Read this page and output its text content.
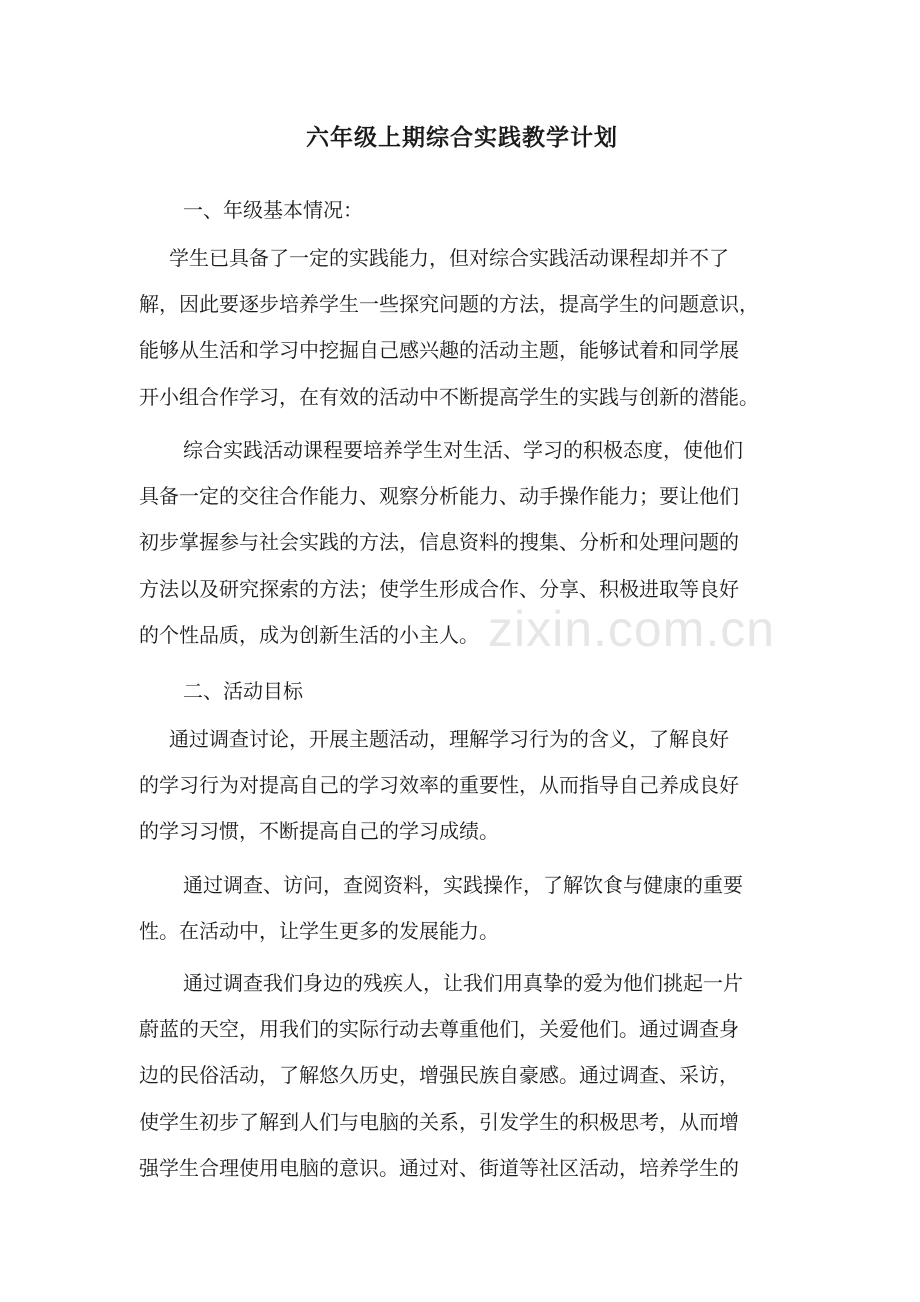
六年级上期综合实践教学计划
一、年级基本情况：
学生已具备了一定的实践能力，但对综合实践活动课程却并不了
解，因此要逐步培养学生一些探究问题的方法，提高学生的问题意识，
能够从生活和学习中挖掘自己感兴趣的活动主题，能够试着和同学展
开小组合作学习，在有效的活动中不断提高学生的实践与创新的潜能。
综合实践活动课程要培养学生对生活、学习的积极态度，使他们
具备一定的交往合作能力、观察分析能力、动手操作能力；要让他们
初步掌握参与社会实践的方法，信息资料的搜集、分析和处理问题的
方法以及研究探索的方法；使学生形成合作、分享、积极进取等良好
的个性品质，成为创新生活的小主人。
二、活动目标
通过调查讨论，开展主题活动，理解学习行为的含义，了解良好
的学习行为对提高自己的学习效率的重要性，从而指导自己养成良好
的学习习惯，不断提高自己的学习成绩。
通过调查、访问，查阅资料，实践操作，了解饮食与健康的重要
性。在活动中，让学生更多的发展能力。
通过调查我们身边的残疾人，让我们用真挚的爱为他们挑起一片
蔚蓝的天空，用我们的实际行动去尊重他们，关爱他们。通过调查身
边的民俗活动，了解悠久历史，增强民族自豪感。通过调查、采访，
使学生初步了解到人们与电脑的关系，引发学生的积极思考，从而增
强学生合理使用电脑的意识。通过对、街道等社区活动，培养学生的
zixin.com.cn
